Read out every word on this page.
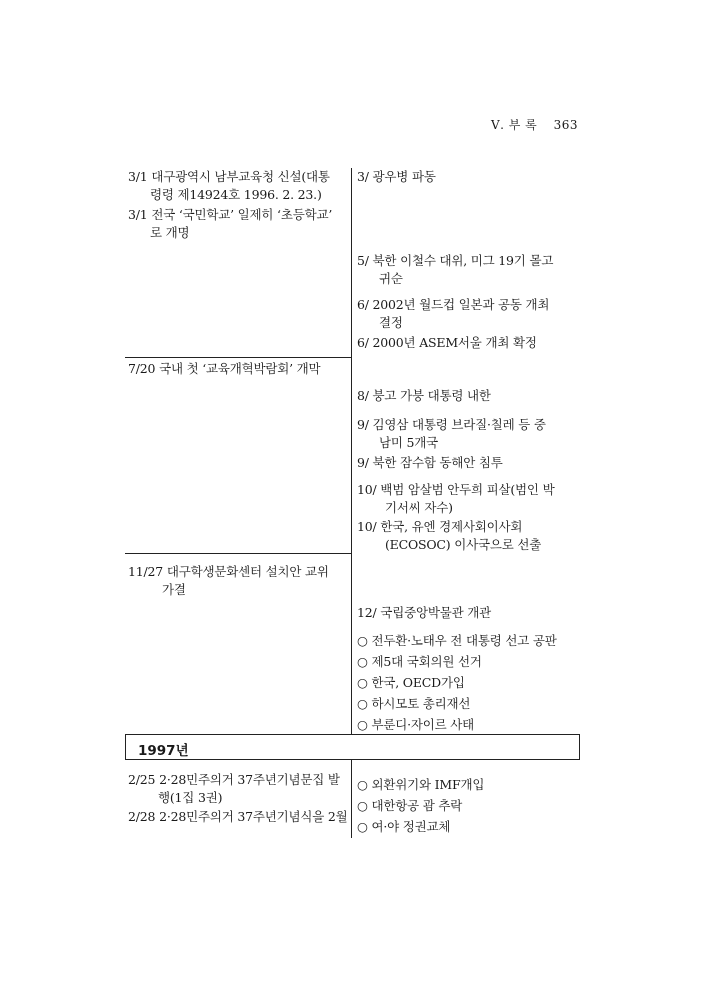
Ⅴ. 부 록 363
1997년
3/1 대구광역시 남부교육청 신설(대통
령령 제14924호 1996. 2. 23.)
3/1 전국 ‘국민학교’ 일제히 ‘초등학교’
로 개명
7/20 국내 첫 ‘교육개혁박람회’ 개막
11/27 대구학생문화센터 설치안 교위
가결
2/25 2·28민주의거 37주년기념문집 발
행(1집 3권)
2/28 2·28민주의거 37주년기념식을 2월
3/ 광우병 파동
5/ 북한 이철수 대위, 미그 19기 몰고
귀순
6/ 2002년 월드컵 일본과 공동 개최
결정
6/ 2000년 ASEM서울 개최 확정
8/ 붕고 가붕 대통령 내한
9/ 김영삼 대통령 브라질·칠레 등 중
남미 5개국
9/ 북한 잠수함 동해안 침투
10/ 백범 암살범 안두희 피살(범인 박
기서씨 자수)
10/ 한국, 유엔 경제사회이사회
(ECOSOC) 이사국으로 선출
12/ 국립중앙박물관 개관
○ 전두환·노태우 전 대통령 선고 공판
○ 제5대 국회의원 선거
○ 한국, OECD가입
○ 하시모토 총리재선
○ 부룬디·자이르 사태
○ 외환위기와 IMF개입
○ 대한항공 괌 추락
○ 여·야 정권교체
